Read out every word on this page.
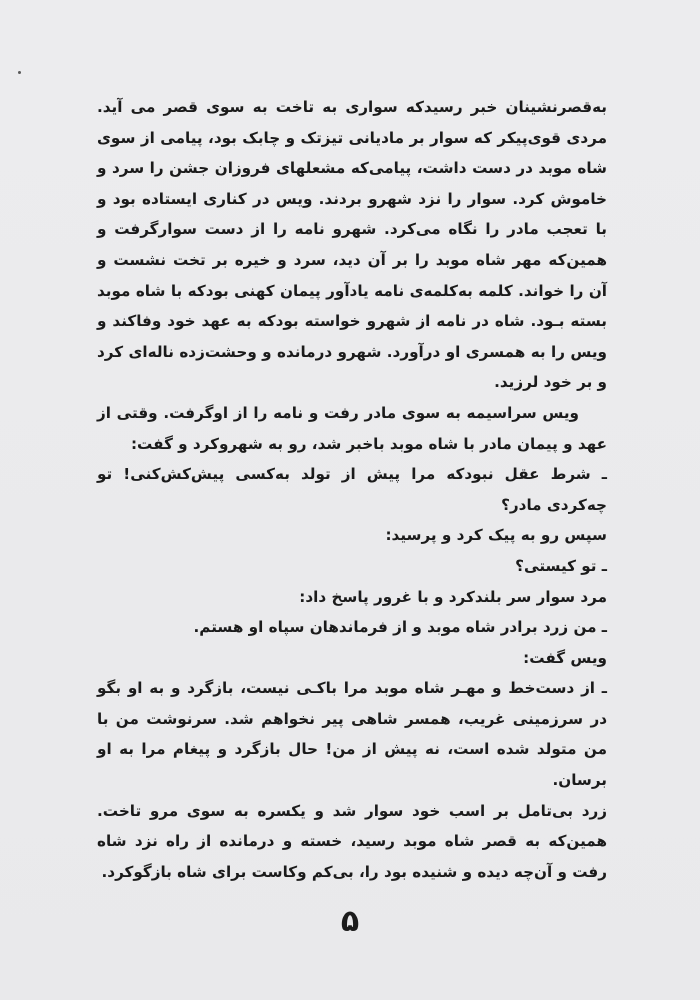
به‌قصرنشینان خبر رسیدکه سواری به تاخت به سوی قصر می آید. مردی قوی‌پیکر که سوار بر مادیانی تیزتک و چابک بود، پیامی از سوی شاه موبد در دست داشت، پیامی‌که مشعلهای فروزان جشن را سرد و خاموش کرد. سوار را نزد شهرو بردند. ویس در کناری ایستاده بود و با تعجب مادر را نگاه می‌کرد. شهرو نامه را از دست سوارگرفت و همین‌که مهر شاه موبد را بر آن دید، سرد و خیره بر تخت نشست و آن را خواند. کلمه به‌کلمه‌ی نامه یادآور پیمان کهنی بودکه با شاه موبد بسته بـود. شاه در نامه از شهرو خواسته بودکه به عهد خود وفاکند و ویس را به همسری او درآورد. شهرو درمانده و وحشت‌زده ناله‌ای کرد و بر خود لرزید.

ویس سراسیمه به سوی مادر رفت و نامه را از اوگرفت. وقتی از عهد و پیمان مادر با شاه موبد باخبر شد، رو به شهروکرد و گفت:

ـ شرط عقل نبودکه مرا پیش از تولد به‌کسی پیش‌کش‌کنی! تو چه‌کردی مادر؟

سپس رو به پیک کرد و پرسید:

ـ تو کیستی؟

مرد سوار سر بلندکرد و با غرور پاسخ داد:

ـ من زرد برادر شاه موبد و از فرماندهان سپاه او هستم.

ویس گفت:

ـ از دست‌خط و مهـر شاه موبد مرا باکـی نیست، بازگرد و به او بگو در سرزمینی غریب، همسر شاهی پیر نخواهم شد. سرنوشت من با من متولد شده است، نه پیش از من! حال بازگرد و پیغام مرا به او برسان.

زرد بی‌تامل بر اسب خود سوار شد و یکسره به سوی مرو تاخت. همین‌که به قصر شاه موبد رسید، خسته و درمانده از راه نزد شاه رفت و آن‌چه دیده و شنیده بود را، بی‌کم وکاست برای شاه بازگوکرد.

۵
